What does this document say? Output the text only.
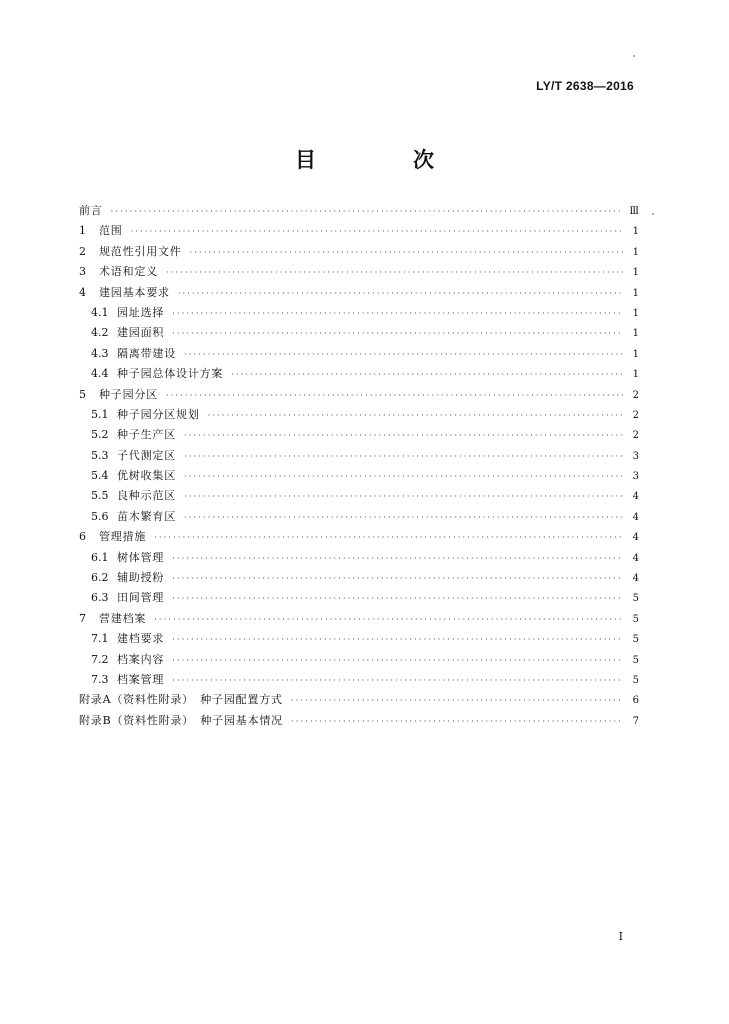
LY/T 2638—2016
目　次
前言 ·····	Ⅲ
1	范围 ·····	1
2	规范性引用文件 ·····	1
3	术语和定义 ·····	1
4	建园基本要求 ·····	1
4.1 园址选择 ·····	1
4.2 建园面积 ·····	1
4.3 隔离带建设 ·····	1
4.4 种子园总体设计方案 ·····	1
5	种子园分区 ·····	2
5.1 种子园分区规划 ·····	2
5.2 种子生产区 ·····	2
5.3 子代测定区 ·····	3
5.4 优树收集区 ·····	3
5.5 良种示范区 ·····	4
5.6 苗木繁育区 ·····	4
6	管理措施 ·····	4
6.1 树体管理 ·····	4
6.2 辅助授粉 ·····	4
6.3 田间管理 ·····	5
7	营建档案 ·····	5
7.1 建档要求 ·····	5
7.2 档案内容 ·····	5
7.3 档案管理 ·····	5
附录A（资料性附录）　种子园配置方式 ·····	6
附录B（资料性附录）　种子园基本情况 ·····	7
I
